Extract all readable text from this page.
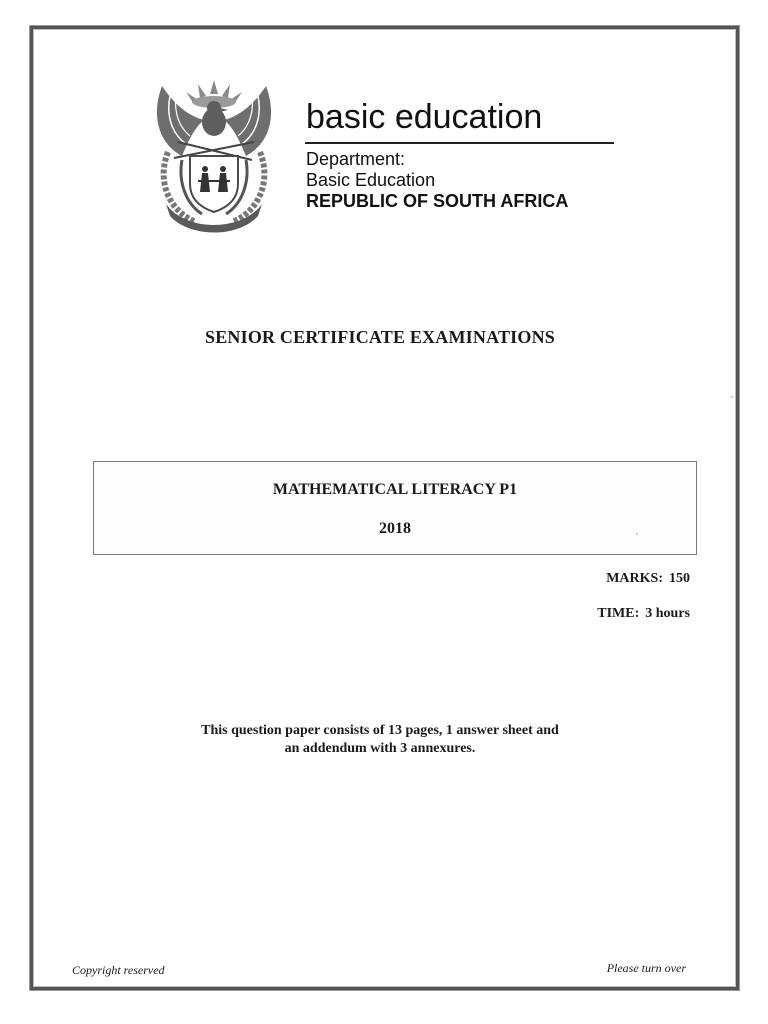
basic education
Department:
Basic Education
REPUBLIC OF SOUTH AFRICA
SENIOR CERTIFICATE EXAMINATIONS
MATHEMATICAL LITERACY P1
2018
MARKS: 150
TIME: 3 hours
This question paper consists of 13 pages, 1 answer sheet and
an addendum with 3 annexures.
Copyright reserved	Please turn over
